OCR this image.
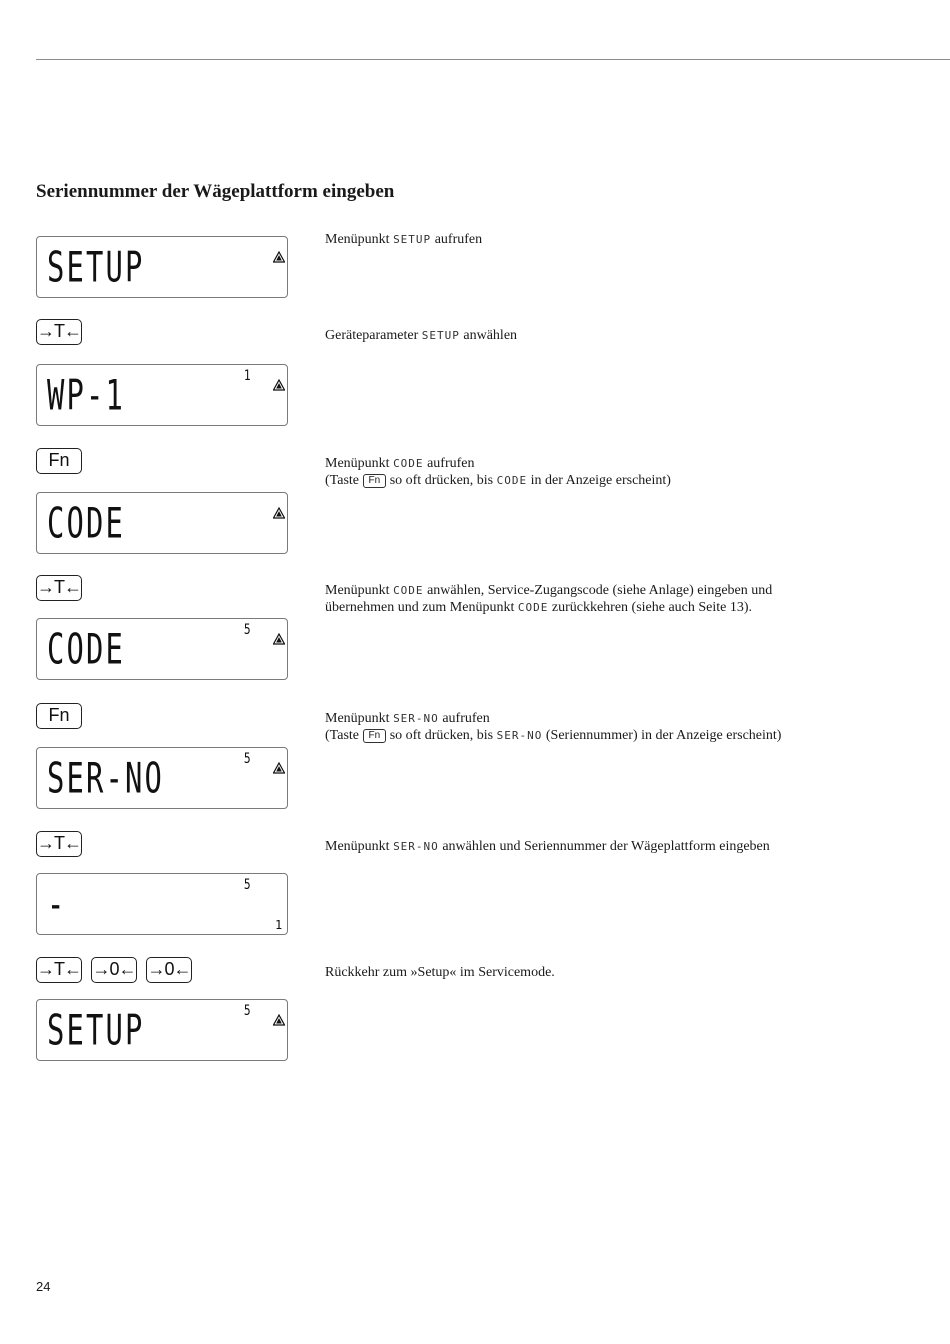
Seriennummer der Wägeplattform eingeben
SETUP

Menüpunkt SETUP aufrufen

→T←	Geräteparameter SETUP anwählen

WP-1	1
Fn	Menüpunkt CODE aufrufen
(Taste Fn so oft drücken, bis CODE in der Anzeige erscheint)

CODE
→T←	Menüpunkt CODE anwählen, Service-Zugangscode (siehe Anlage) eingeben und
übernehmen und zum Menüpunkt CODE zurückkehren (siehe auch Seite 13).

CODE	5
Fn	Menüpunkt SER-NO aufrufen
(Taste Fn so oft drücken, bis SER-NO (Seriennummer) in der Anzeige erscheint)

SER-NO	5
→T←	Menüpunkt SER-NO anwählen und Seriennummer der Wägeplattform eingeben

-	5
1
→T← →0← →0←	Rückkehr zum »Setup« im Servicemode.

SETUP	5
24
